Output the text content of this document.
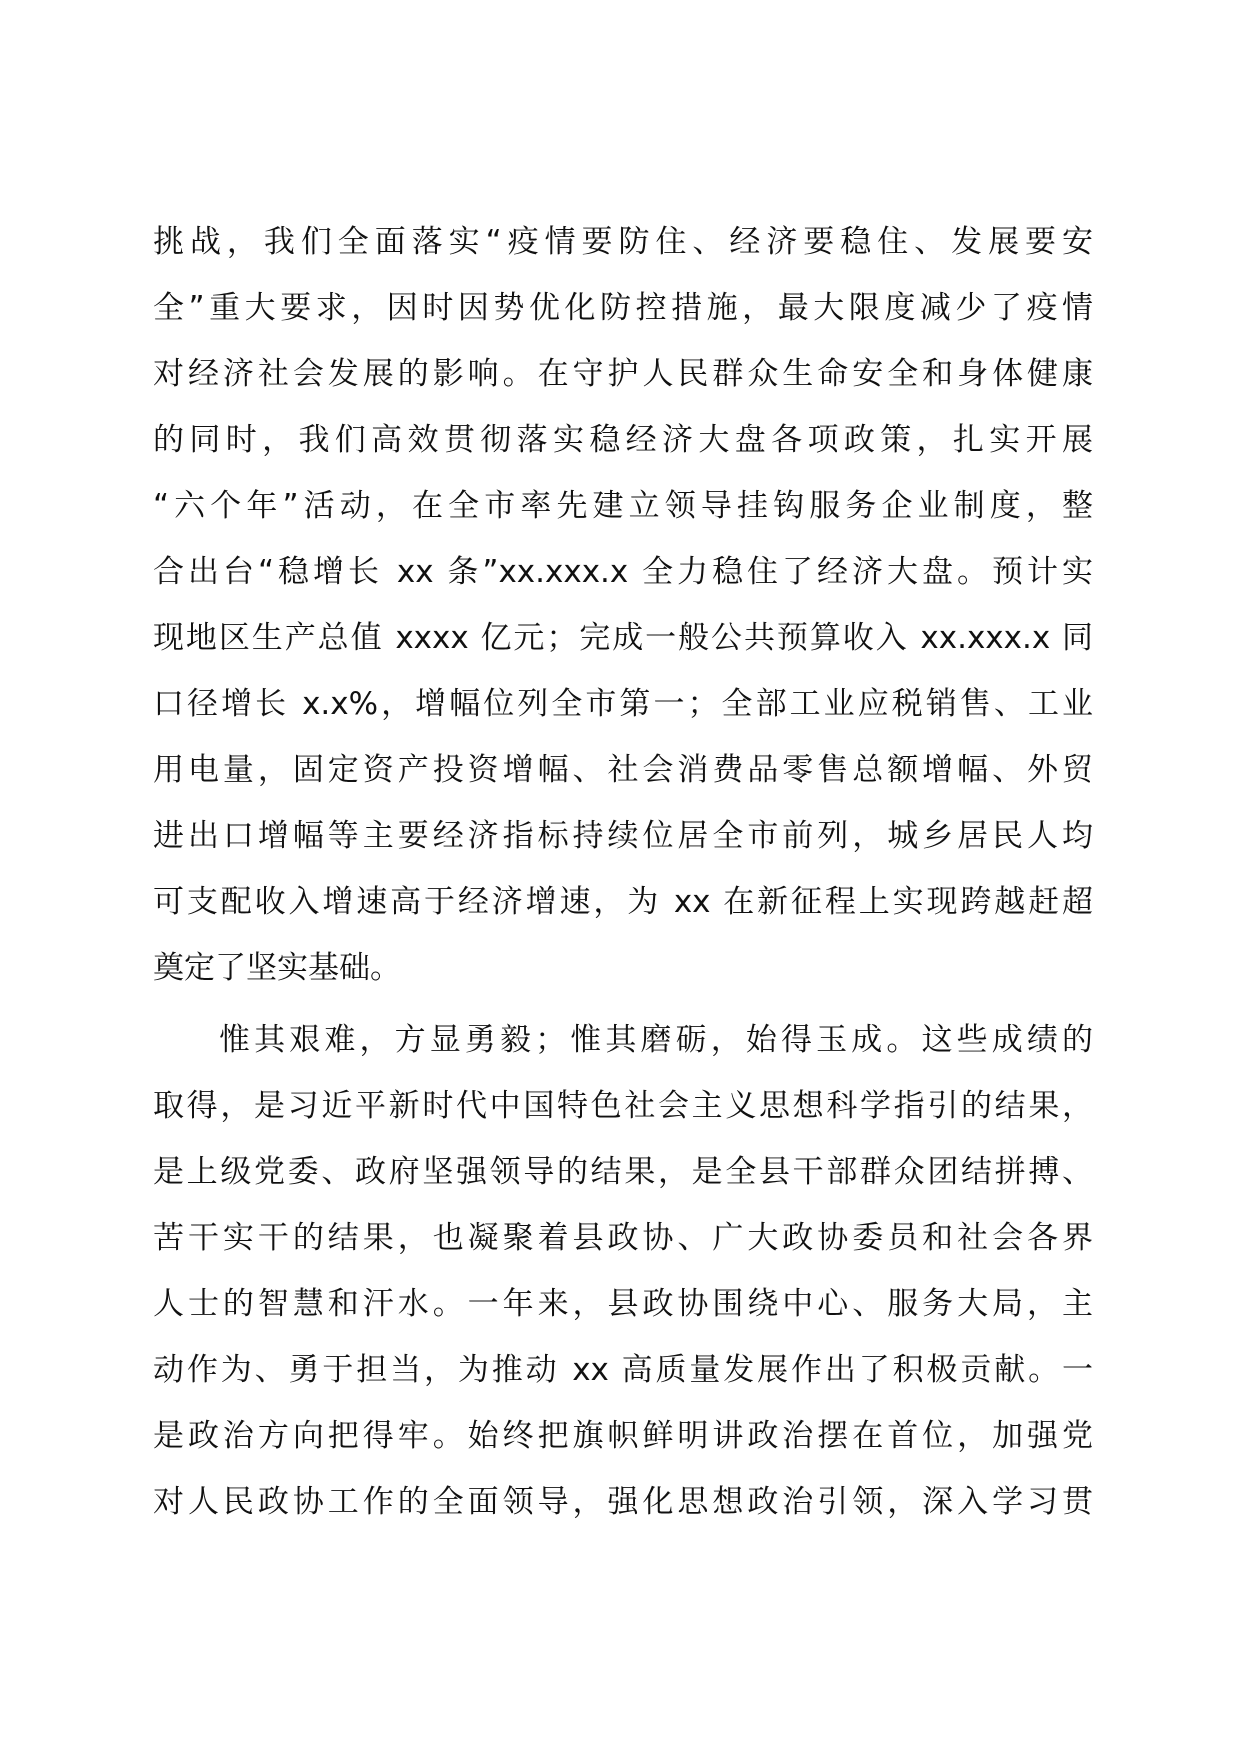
挑战，我们全面落实“疫情要防住、经济要稳住、发展要安
全”重大要求，因时因势优化防控措施，最大限度减少了疫情
对经济社会发展的影响。在守护人民群众生命安全和身体健康
的同时，我们高效贯彻落实稳经济大盘各项政策，扎实开展
“六个年”活动，在全市率先建立领导挂钩服务企业制度，整
合出台“稳增长 xx 条”xx.xxx.x 全力稳住了经济大盘。预计实
现地区生产总值 xxxx 亿元；完成一般公共预算收入 xx.xxx.x 同
口径增长 x.x%，增幅位列全市第一；全部工业应税销售、工业
用电量，固定资产投资增幅、社会消费品零售总额增幅、外贸
进出口增幅等主要经济指标持续位居全市前列，城乡居民人均
可支配收入增速高于经济增速，为 xx 在新征程上实现跨越赶超
奠定了坚实基础。
惟其艰难，方显勇毅；惟其磨砺，始得玉成。这些成绩的
取得，是习近平新时代中国特色社会主义思想科学指引的结果，
是上级党委、政府坚强领导的结果，是全县干部群众团结拼搏、
苦干实干的结果，也凝聚着县政协、广大政协委员和社会各界
人士的智慧和汗水。一年来，县政协围绕中心、服务大局，主
动作为、勇于担当，为推动 xx 高质量发展作出了积极贡献。一
是政治方向把得牢。始终把旗帜鲜明讲政治摆在首位，加强党
对人民政协工作的全面领导，强化思想政治引领，深入学习贯
